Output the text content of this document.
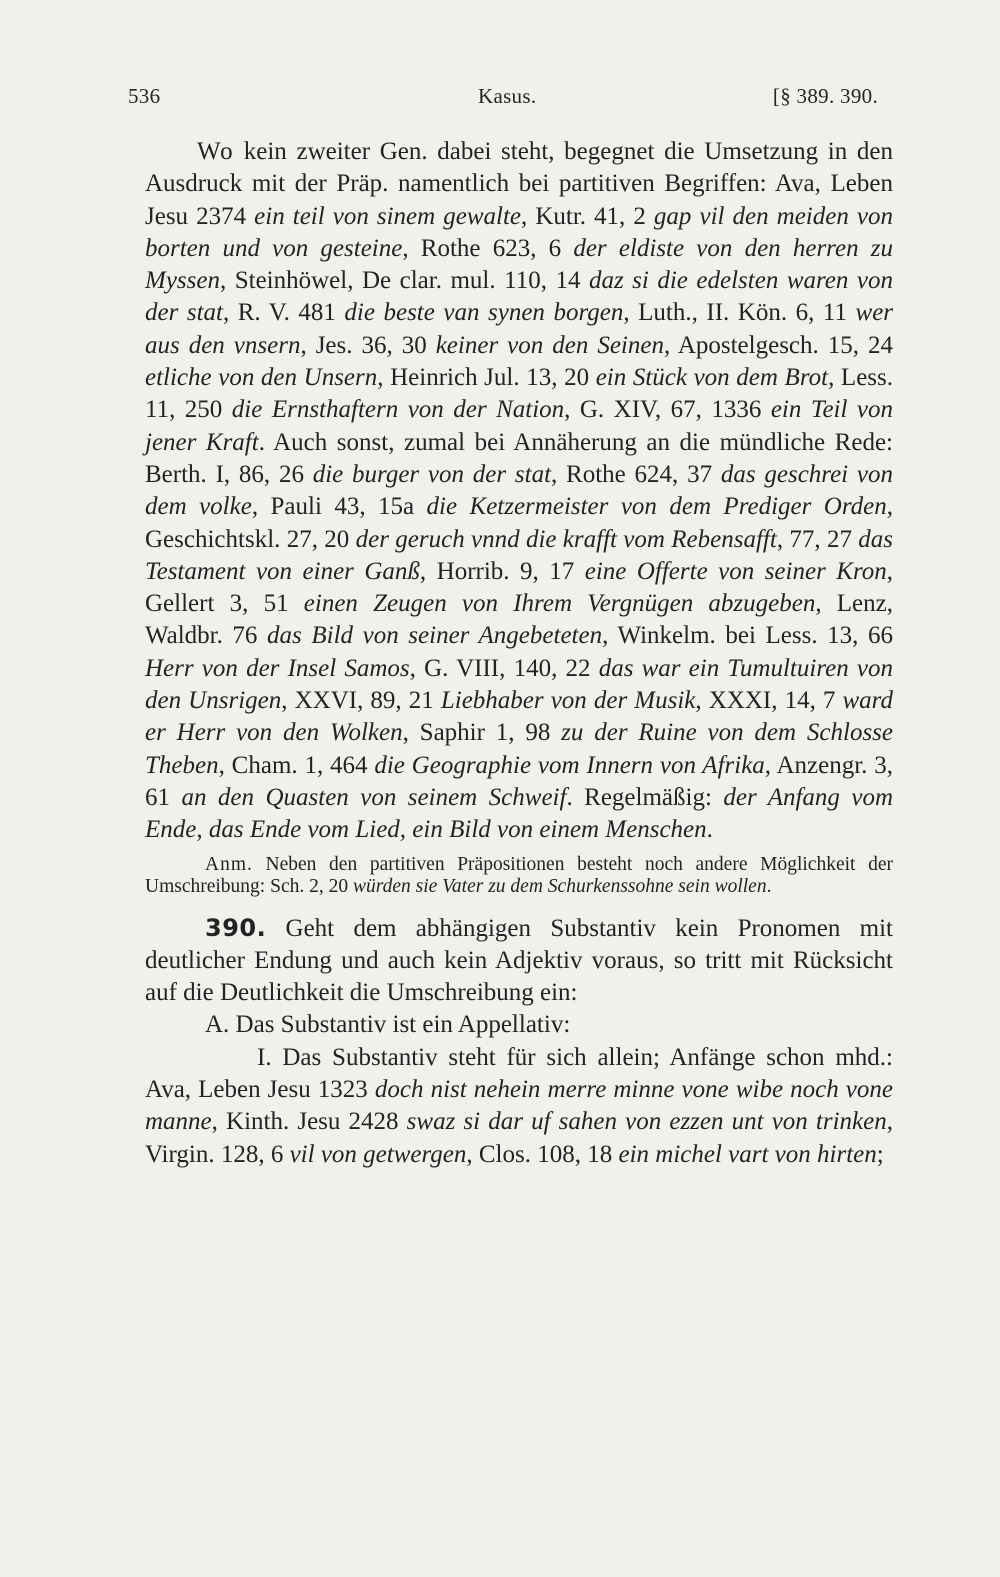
536	Kasus.	[§ 389. 390.

Wo kein zweiter Gen. dabei steht, begegnet die Umsetzung in den Ausdruck mit der Präp. namentlich bei partitiven Begriffen: Ava, Leben Jesu 2374 ein teil von sinem gewalte, Kutr. 41, 2 gap vil den meiden von borten und von gesteine, Rothe 623, 6 der eldiste von den herren zu Myssen, Steinhöwel, De clar. mul. 110, 14 daz si die edelsten waren von der stat, R. V. 481 die beste van synen borgen, Luth., II. Kön. 6, 11 wer aus den vnsern, Jes. 36, 30 keiner von den Seinen, Apostelgesch. 15, 24 etliche von den Unsern, Heinrich Jul. 13, 20 ein Stück von dem Brot, Less. 11, 250 die Ernsthaftern von der Nation, G. XIV, 67, 1336 ein Teil von jener Kraft. Auch sonst, zumal bei Annäherung an die mündliche Rede: Berth. I, 86, 26 die burger von der stat, Rothe 624, 37 das geschrei von dem volke, Pauli 43, 15a die Ketzermeister von dem Prediger Orden, Geschichtskl. 27, 20 der geruch vnnd die krafft vom Rebensafft, 77, 27 das Testament von einer Ganß, Horrib. 9, 17 eine Offerte von seiner Kron, Gellert 3, 51 einen Zeugen von Ihrem Vergnügen abzugeben, Lenz, Waldbr. 76 das Bild von seiner Angebeteten, Winkelm. bei Less. 13, 66 Herr von der Insel Samos, G. VIII, 140, 22 das war ein Tumultuiren von den Unsrigen, XXVI, 89, 21 Liebhaber von der Musik, XXXI, 14, 7 ward er Herr von den Wolken, Saphir 1, 98 zu der Ruine von dem Schlosse Theben, Cham. 1, 464 die Geographie vom Innern von Afrika, Anzengr. 3, 61 an den Quasten von seinem Schweif. Regelmäßig: der Anfang vom Ende, das Ende vom Lied, ein Bild von einem Menschen.

Anm. Neben den partitiven Präpositionen besteht noch andere Möglichkeit der Umschreibung: Sch. 2, 20 würden sie Vater zu dem Schurkenssohne sein wollen.

390. Geht dem abhängigen Substantiv kein Pronomen mit deutlicher Endung und auch kein Adjektiv voraus, so tritt mit Rücksicht auf die Deutlichkeit die Umschreibung ein:

A. Das Substantiv ist ein Appellativ:

I. Das Substantiv steht für sich allein; Anfänge schon mhd.: Ava, Leben Jesu 1323 doch nist nehein merre minne vone wibe noch vone manne, Kinth. Jesu 2428 swaz si dar uf sahen von ezzen unt von trinken, Virgin. 128, 6 vil von getwergen, Clos. 108, 18 ein michel vart von hirten;
